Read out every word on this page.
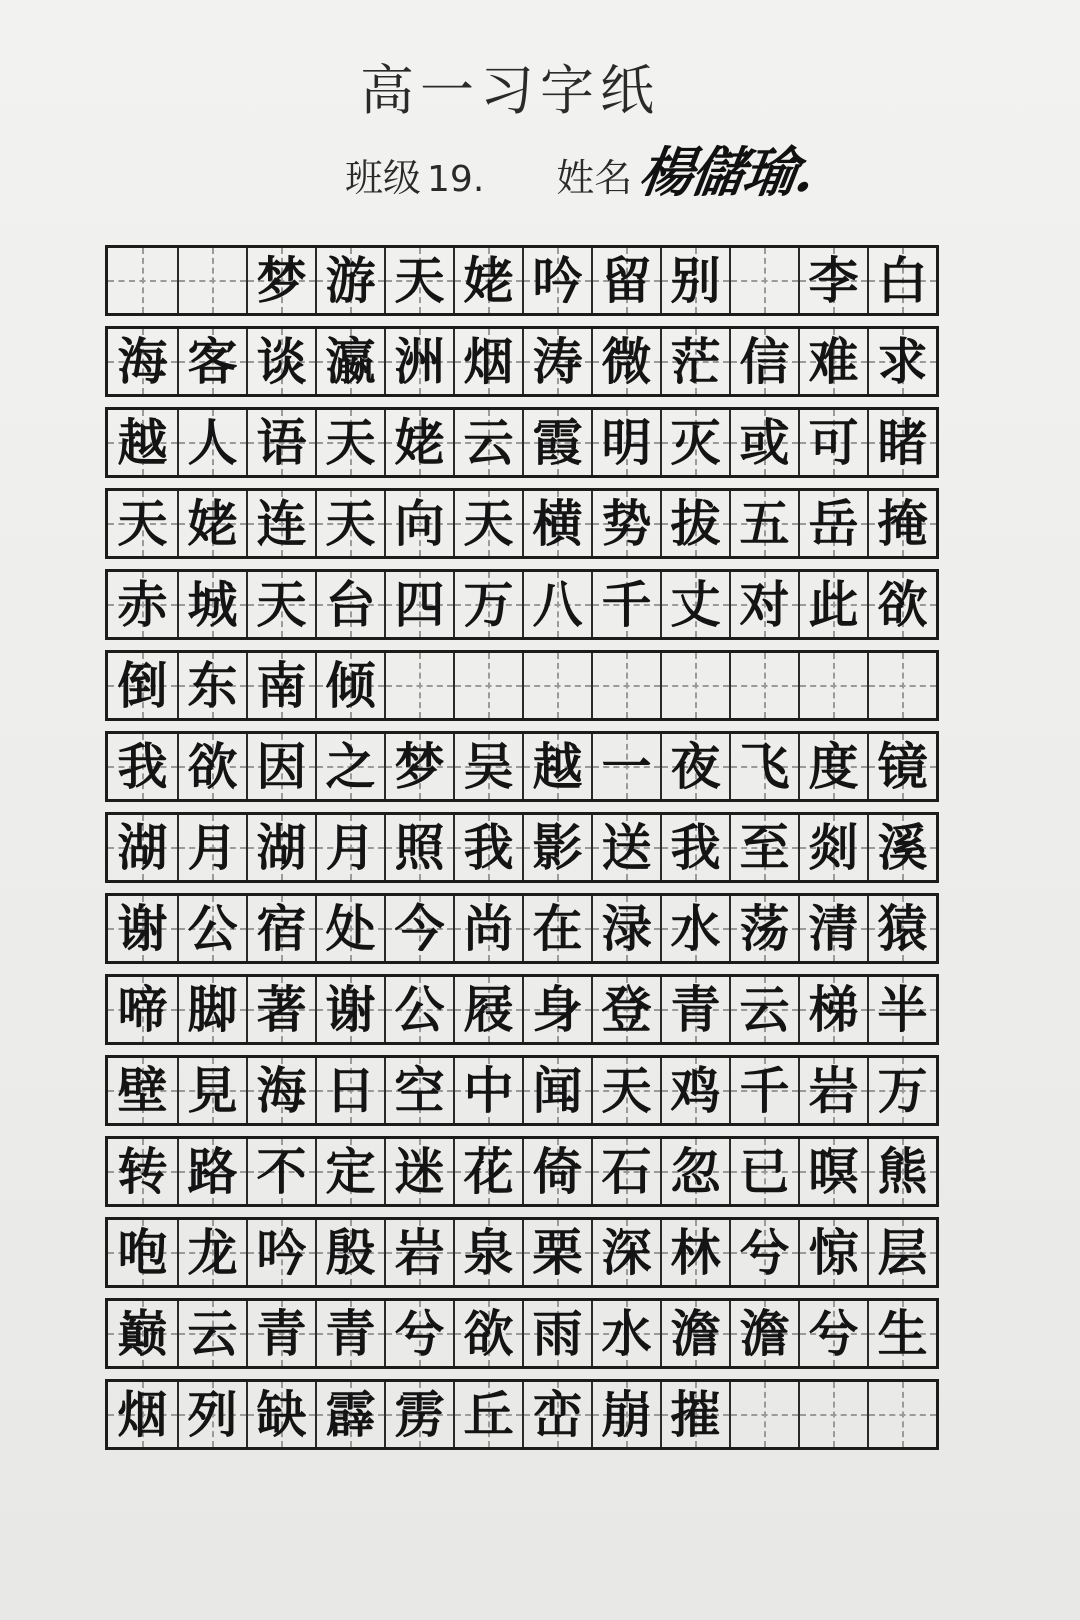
高一习字纸
班级 19. 姓名 楊儲瑜.
梦 游 天 姥 吟 留 别 李 白
海 客 谈 瀛 洲 烟 涛 微 茫 信 难 求
越 人 语 天 姥 云 霞 明 灭 或 可 睹
天 姥 连 天 向 天 横 势 拔 五 岳 掩
赤 城 天 台 四 万 八 千 丈 对 此 欲
倒 东 南 倾
我 欲 因 之 梦 吴 越 一 夜 飞 度 镜
湖 月 湖 月 照 我 影 送 我 至 剡 溪
谢 公 宿 处 今 尚 在 渌 水 荡 清 猿
啼 脚 著 谢 公 屐 身 登 青 云 梯 半
壁 見 海 日 空 中 闻 天 鸡 千 岩 万
转 路 不 定 迷 花 倚 石 忽 已 暝 熊
咆 龙 吟 殷 岩 泉 栗 深 林 兮 惊 层
巅 云 青 青 兮 欲 雨 水 澹 澹 兮 生
烟 列 缺 霹 雳 丘 峦 崩 摧
